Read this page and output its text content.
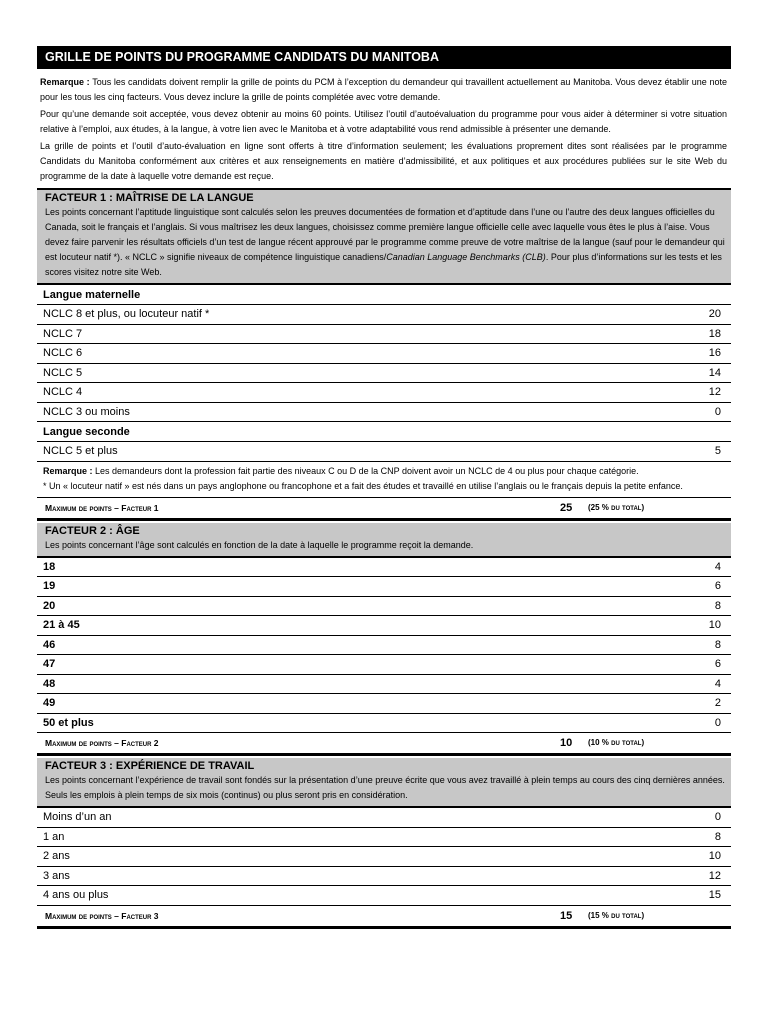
GRILLE DE POINTS DU PROGRAMME CANDIDATS DU MANITOBA

Remarque : Tous les candidats doivent remplir la grille de points du PCM à l’exception du demandeur qui travaillent actuellement au Manitoba. Vous devez établir une note pour les tous les cinq facteurs. Vous devez inclure la grille de points complétée avec votre demande.

Pour qu’une demande soit acceptée, vous devez obtenir au moins 60 points. Utilisez l’outil d’autoévaluation du programme pour vous aider à déterminer si votre situation relative à l’emploi, aux études, à la langue, à votre lien avec le Manitoba et à votre adaptabilité vous rend admissible à présenter une demande.

La grille de points et l’outil d’auto-évaluation en ligne sont offerts à titre d’information seulement; les évaluations proprement dites sont réalisées par le programme Candidats du Manitoba conformément aux critères et aux renseignements en matière d’admissibilité, et aux politiques et aux procédures publiées sur le site Web du programme de la date à laquelle votre demande est reçue.

FACTEUR 1 : MAÎTRISE DE LA LANGUE
Les points concernant l’aptitude linguistique sont calculés selon les preuves documentées de formation et d’aptitude dans l’une ou l’autre des deux langues officielles du Canada, soit le français et l’anglais. Si vous maîtrisez les deux langues, choisissez comme première langue officielle celle avec laquelle vous êtes le plus à l’aise. Vous devez faire parvenir les résultats officiels d’un test de langue récent approuvé par le programme comme preuve de votre maîtrise de la langue (sauf pour le demandeur qui est locuteur natif *). « NCLC » signifie niveaux de compétence linguistique canadiens/Canadian Language Benchmarks (CLB). Pour plus d’informations sur les tests et les scores visitez notre site Web.
Langue maternelle
NCLC 8 et plus, ou locuteur natif *	20
NCLC 7	18
NCLC 6	16
NCLC 5	14
NCLC 4	12
NCLC 3 ou moins	0
Langue seconde
NCLC 5 et plus	5
Remarque : Les demandeurs dont la profession fait partie des niveaux C ou D de la CNP doivent avoir un NCLC de 4 ou plus pour chaque catégorie.
* Un « locuteur natif » est nés dans un pays anglophone ou francophone et a fait des études et travaillé en utilise l’anglais ou le français depuis la petite enfance.
Maximum de points – Facteur 1	25 (25 % du total)
FACTEUR 2 : ÂGE
Les points concernant l’âge sont calculés en fonction de la date à laquelle le programme reçoit la demande.
18	4
19	6
20	8
21 à 45	10
46	8
47	6
48	4
49	2
50 et plus	0
Maximum de points – Facteur 2	10 (10 % du total)
FACTEUR 3 : EXPÉRIENCE DE TRAVAIL
Les points concernant l’expérience de travail sont fondés sur la présentation d’une preuve écrite que vous avez travaillé à plein temps au cours des cinq dernières années. Seuls les emplois à plein temps de six mois (continus) ou plus seront pris en considération.
Moins d’un an	0
1 an	8
2 ans	10
3 ans	12
4 ans ou plus	15
Maximum de points – Facteur 3	15 (15 % du total)
